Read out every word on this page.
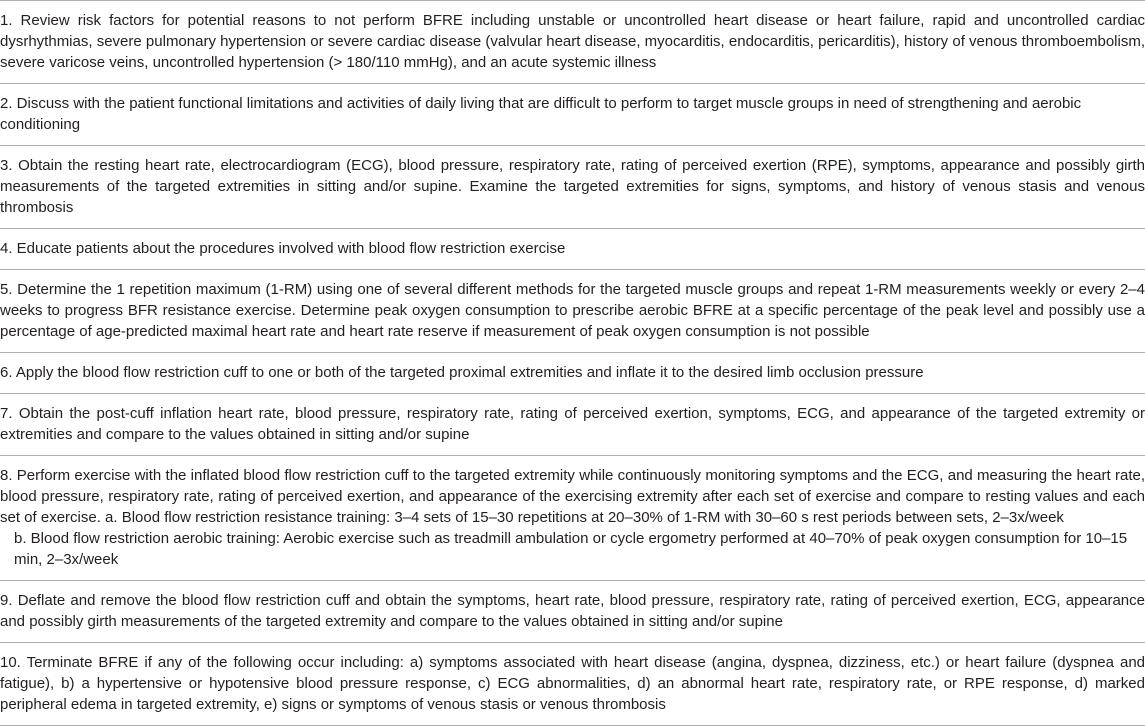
1. Review risk factors for potential reasons to not perform BFRE including unstable or uncontrolled heart disease or heart failure, rapid and uncontrolled cardiac dysrhythmias, severe pulmonary hypertension or severe cardiac disease (valvular heart disease, myocarditis, endocarditis, pericarditis), history of venous thromboembolism, severe varicose veins, uncontrolled hypertension (> 180/110 mmHg), and an acute systemic illness

2. Discuss with the patient functional limitations and activities of daily living that are difficult to perform to target muscle groups in need of strengthening and aerobic conditioning

3. Obtain the resting heart rate, electrocardiogram (ECG), blood pressure, respiratory rate, rating of perceived exertion (RPE), symptoms, appearance and possibly girth measurements of the targeted extremities in sitting and/or supine. Examine the targeted extremities for signs, symptoms, and history of venous stasis and venous thrombosis

4. Educate patients about the procedures involved with blood flow restriction exercise

5. Determine the 1 repetition maximum (1-RM) using one of several different methods for the targeted muscle groups and repeat 1-RM measurements weekly or every 2–4 weeks to progress BFR resistance exercise. Determine peak oxygen consumption to prescribe aerobic BFRE at a specific percentage of the peak level and possibly use a percentage of age-predicted maximal heart rate and heart rate reserve if measurement of peak oxygen consumption is not possible

6. Apply the blood flow restriction cuff to one or both of the targeted proximal extremities and inflate it to the desired limb occlusion pressure

7. Obtain the post-cuff inflation heart rate, blood pressure, respiratory rate, rating of perceived exertion, symptoms, ECG, and appearance of the targeted extremity or extremities and compare to the values obtained in sitting and/or supine

8. Perform exercise with the inflated blood flow restriction cuff to the targeted extremity while continuously monitoring symptoms and the ECG, and measuring the heart rate, blood pressure, respiratory rate, rating of perceived exertion, and appearance of the exercising extremity after each set of exercise and compare to resting values and each set of exercise. a. Blood flow restriction resistance training: 3–4 sets of 15–30 repetitions at 20–30% of 1-RM with 30–60 s rest periods between sets, 2–3x/week

b. Blood flow restriction aerobic training: Aerobic exercise such as treadmill ambulation or cycle ergometry performed at 40–70% of peak oxygen consumption for 10–15 min, 2–3x/week

9. Deflate and remove the blood flow restriction cuff and obtain the symptoms, heart rate, blood pressure, respiratory rate, rating of perceived exertion, ECG, appearance and possibly girth measurements of the targeted extremity and compare to the values obtained in sitting and/or supine

10. Terminate BFRE if any of the following occur including: a) symptoms associated with heart disease (angina, dyspnea, dizziness, etc.) or heart failure (dyspnea and fatigue), b) a hypertensive or hypotensive blood pressure response, c) ECG abnormalities, d) an abnormal heart rate, respiratory rate, or RPE response, d) marked peripheral edema in targeted extremity, e) signs or symptoms of venous stasis or venous thrombosis
